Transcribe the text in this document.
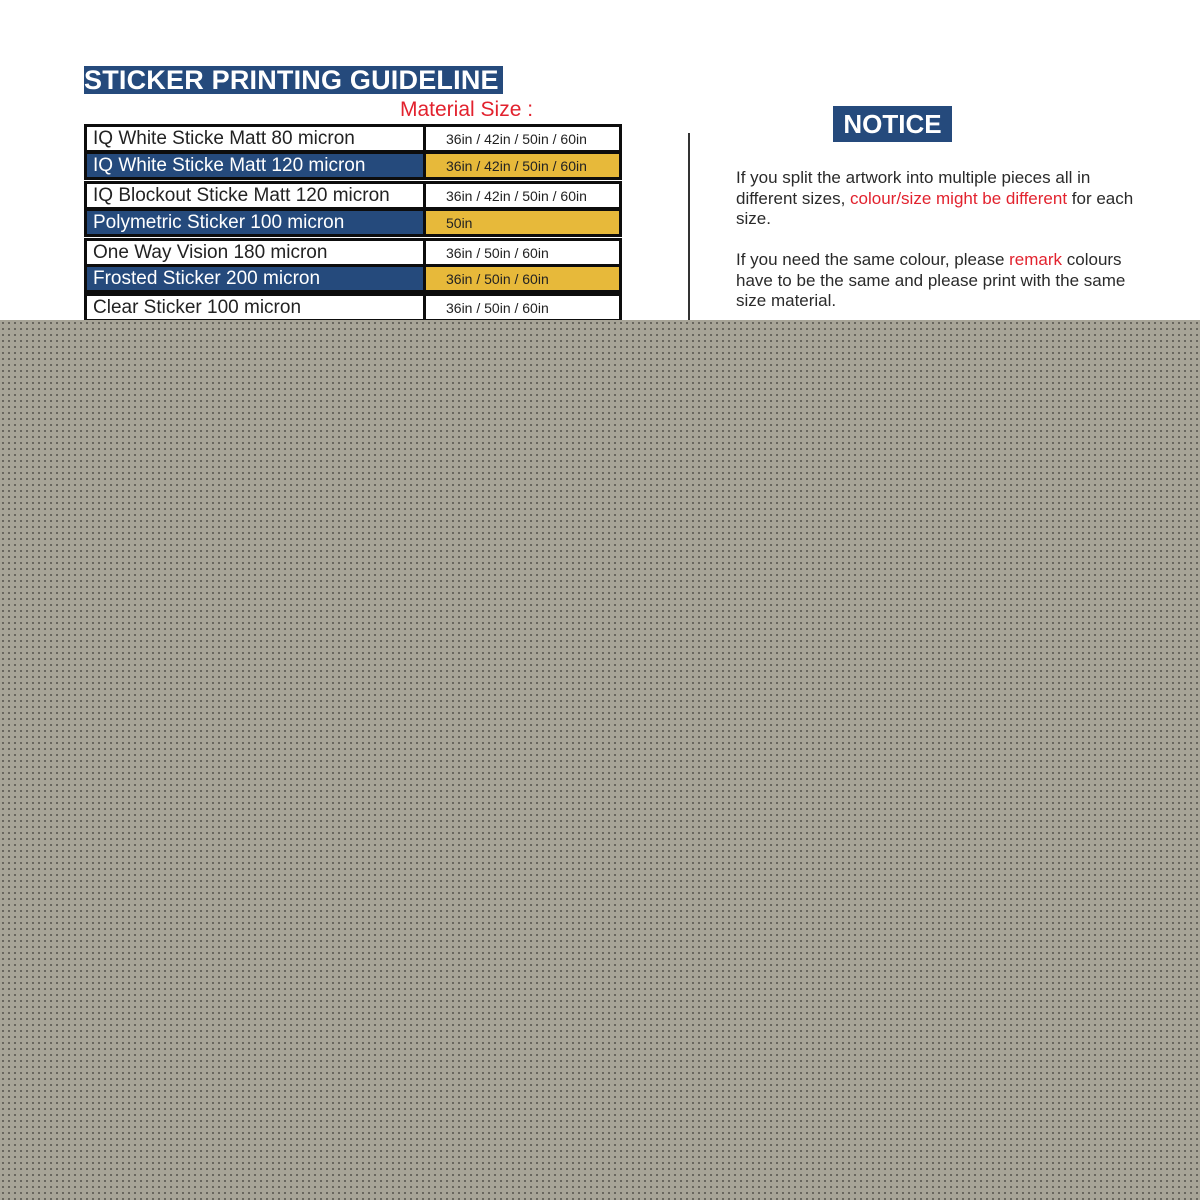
STICKER PRINTING GUIDELINE
Material Size :
IQ White Sticke Matt 80 micron	36in / 42in / 50in / 60in
IQ White Sticke Matt 120 micron	36in / 42in / 50in / 60in
IQ Blockout Sticke Matt 120 micron	36in / 42in / 50in / 60in
Polymetric Sticker 100 micron	50in
One Way Vision 180 micron	36in / 50in / 60in
Frosted Sticker 200 micron	36in / 50in / 60in
Clear Sticker 100 micron	36in / 50in / 60in
NOTICE
If you split the artwork into multiple pieces all in different sizes, colour/size might be different for each size.
If you need the same colour, please remark colours have to be the same and please print with the same size material.
